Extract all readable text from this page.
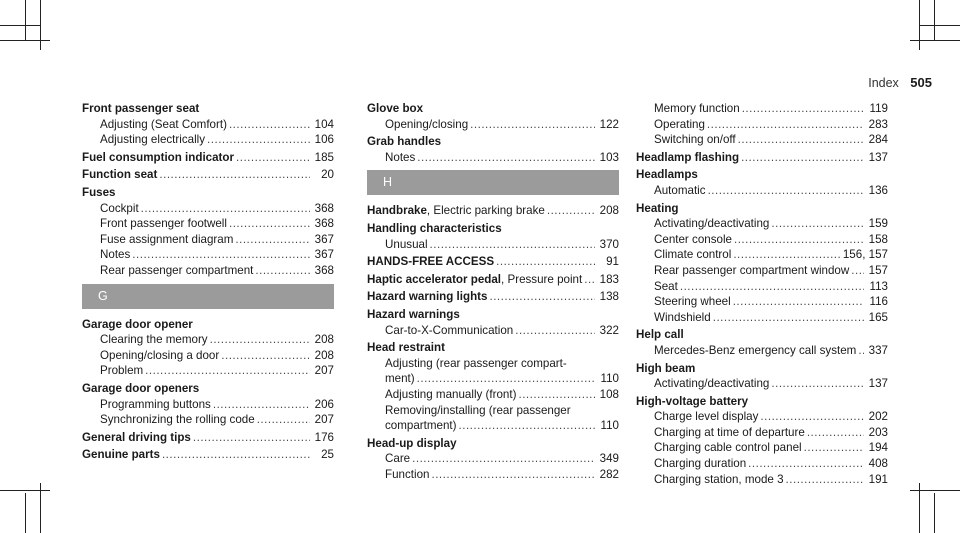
Index 505
Front passenger seat
Adjusting (Seat Comfort) .....	104
Adjusting electrically .....	106
Fuel consumption indicator .....	185
Function seat .....	20
Fuses
Cockpit .....	368
Front passenger footwell .....	368
Fuse assignment diagram .....	367
Notes .....	367
Rear passenger compartment .....	368
G
Garage door opener
Clearing the memory .....	208
Opening/closing a door .....	208
Problem .....	207
Garage door openers
Programming buttons .....	206
Synchronizing the rolling code .....	207
General driving tips .....	176
Genuine parts .....	25
Glove box
Opening/closing .....	122
Grab handles
Notes .....	103
H
Handbrake , Electric parking brake .....	208
Handling characteristics
Unusual .....	370
HANDS-FREE ACCESS .....	91
Haptic accelerator pedal , Pressure point ..... 183
Hazard warning lights .....	138
Hazard warnings
Car-to-X-Communication .....	322
Head restraint
Adjusting (rear passenger compart-
ment) .....	110
Adjusting manually (front) .....	108
Removing/installing (rear passenger
compartment) .....	110
Head-up display
Care .....	349
Function .....	282
Memory function .....	119
Operating .....	283
Switching on/off .....	284
Headlamp flashing .....	137
Headlamps
Automatic .....	136
Heating
Activating/deactivating .....	159
Center console .....	158
Climate control .....	156, 157
Rear passenger compartment window ..... 157
Seat .....	113
Steering wheel .....	116
Windshield .....	165
Help call
Mercedes-Benz emergency call system ..... 337
High beam
Activating/deactivating .....	137
High-voltage battery
Charge level display .....	202
Charging at time of departure .....	203
Charging cable control panel .....	194
Charging duration .....	408
Charging station, mode 3 .....	191
